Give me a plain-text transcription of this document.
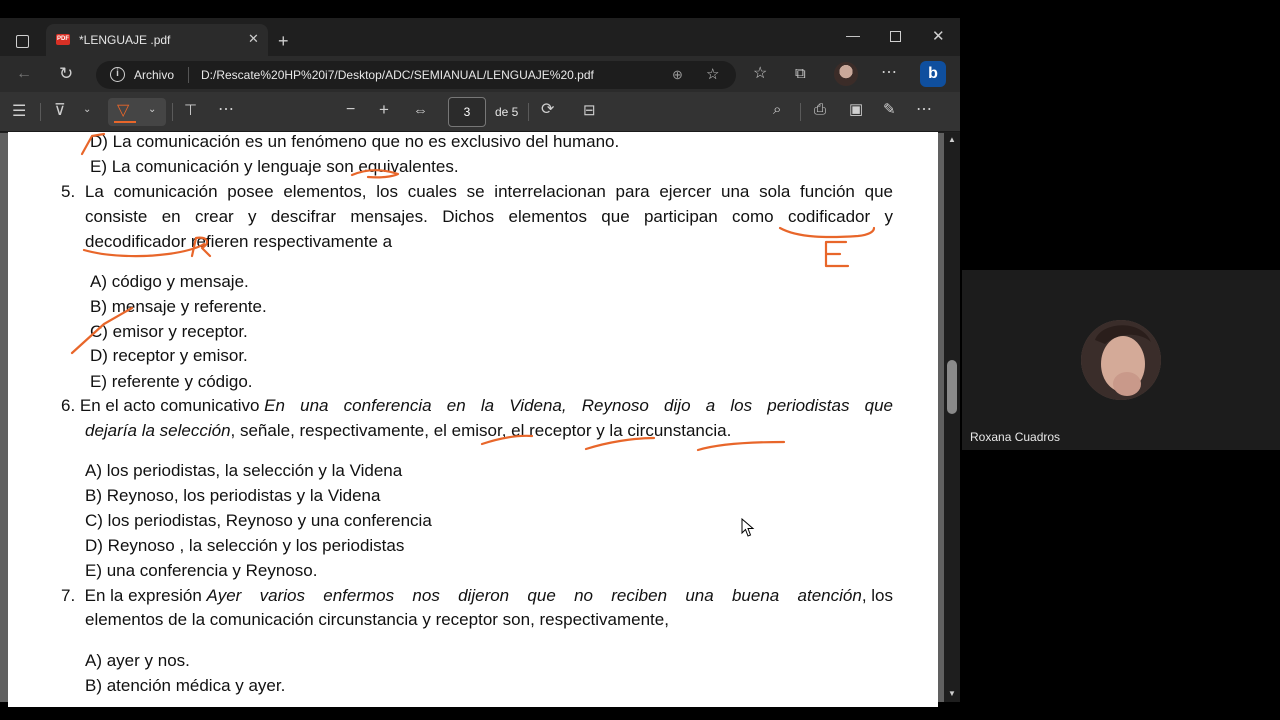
PDF *LENGUAJE .pdf	✕ +	—	✕
← ↻	i	Archivo D:/Rescate%20HP%20i7/Desktop/ADC/SEMIANUAL/LENGUAJE%20.pdf	⊕ ☆ ☆ ⧉	⋯	b
☰ ⊽ ⌄ ▽ ⌄ ⊤ ⋯	− + ⇔	3	de 5 ⟳ ⊟	⌕ ⎙ ▣ ✎ ⋯
D) La comunicación es un fenómeno que no es exclusivo del humano.
E) La comunicación y lenguaje son equivalentes.
5. La comunicación posee elementos, los cuales se interrelacionan para ejercer una sola función que
consiste en crear y descifrar mensajes. Dichos elementos que participan como codificador y
decodificador refieren respectivamente a
A) código y mensaje.
B) mensaje y referente.
C) emisor y receptor.
D) receptor y emisor.
E) referente y código.
6. En el acto comunicativo En una conferencia en la Videna, Reynoso dijo a los periodistas que
dejaría la selección, señale, respectivamente, el emisor, el receptor y la circunstancia.
A) los periodistas, la selección y la Videna
B) Reynoso, los periodistas y la Videna
C) los periodistas, Reynoso y una conferencia
D) Reynoso , la selección y los periodistas
E) una conferencia y Reynoso.
7.  En la expresión Ayer varios enfermos nos dijeron que no reciben una buena atención , los
elementos de la comunicación circunstancia y receptor son, respectivamente,
A) ayer y nos.
B) atención médica y ayer.
▲
▼
Roxana Cuadros
